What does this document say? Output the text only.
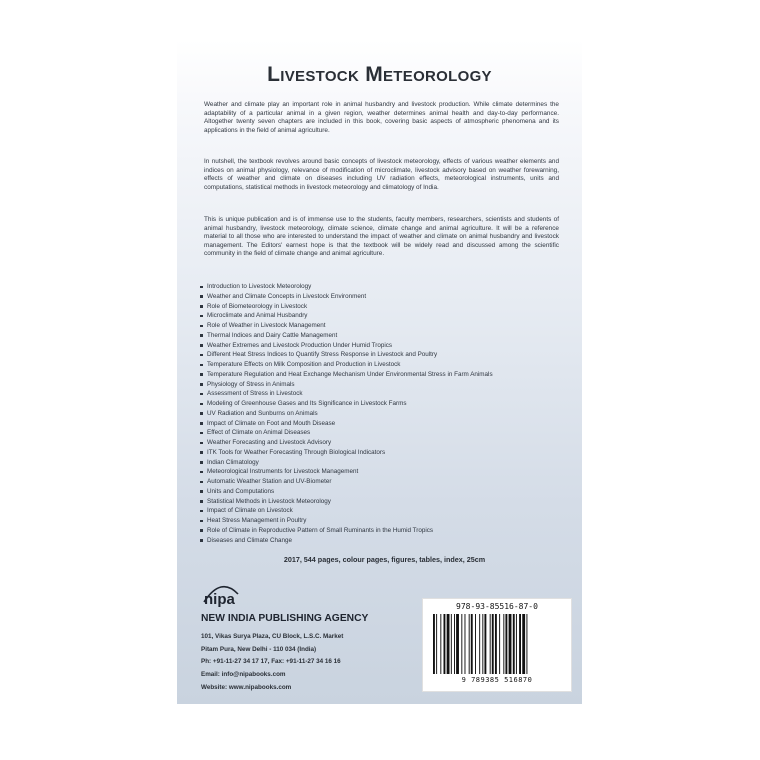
Livestock Meteorology

Weather and climate play an important role in animal husbandry and livestock production. While climate determines the adaptability of a particular animal in a given region, weather determines animal health and day-to-day performance. Altogether twenty seven chapters are included in this book, covering basic aspects of atmospheric phenomena and its applications in the field of animal agriculture.

In nutshell, the textbook revolves around basic concepts of livestock meteorology, effects of various weather elements and indices on animal physiology, relevance of modification of microclimate, livestock advisory based on weather forewarning, effects of weather and climate on diseases including UV radiation effects, meteorological instruments, units and computations, statistical methods in livestock meteorology and climatology of India.

This is unique publication and is of immense use to the students, faculty members, researchers, scientists and students of animal husbandry, livestock meteorology, climate science, climate change and animal agriculture. It will be a reference material to all those who are interested to understand the impact of weather and climate on animal husbandry and livestock management. The Editors' earnest hope is that the textbook will be widely read and discussed among the scientific community in the field of climate change and animal agriculture.

Introduction to Livestock Meteorology
Weather and Climate Concepts in Livestock Environment
Role of Biometeorology in Livestock
Microclimate and Animal Husbandry
Role of Weather in Livestock Management
Thermal Indices and Dairy Cattle Management
Weather Extremes and Livestock Production Under Humid Tropics
Different Heat Stress Indices to Quantify Stress Response in Livestock and Poultry
Temperature Effects on Milk Composition and Production in Livestock
Temperature Regulation and Heat Exchange Mechanism Under Environmental Stress in Farm Animals
Physiology of Stress in Animals
Assessment of Stress in Livestock
Modeling of Greenhouse Gases and Its Significance in Livestock Farms
UV Radiation and Sunburns on Animals
Impact of Climate on Foot and Mouth Disease
Effect of Climate on Animal Diseases
Weather Forecasting and Livestock Advisory
ITK Tools for Weather Forecasting Through Biological Indicators
Indian Climatology
Meteorological Instruments for Livestock Management
Automatic Weather Station and UV-Biometer
Units and Computations
Statistical Methods in Livestock Meteorology
Impact of Climate on Livestock
Heat Stress Management in Poultry
Role of Climate in Reproductive Pattern of Small Ruminants in the Humid Tropics
Diseases and Climate Change
2017, 544 pages, colour pages, figures, tables, index, 25cm
nipa
NEW INDIA PUBLISHING AGENCY
101, Vikas Surya Plaza, CU Block, L.S.C. Market
Pitam Pura, New Delhi - 110 034 (India)
Ph: +91-11-27 34 17 17, Fax: +91-11-27 34 16 16
Email: info@nipabooks.com
Website: www.nipabooks.com
978-93-85516-87-0
9 789385 516870
